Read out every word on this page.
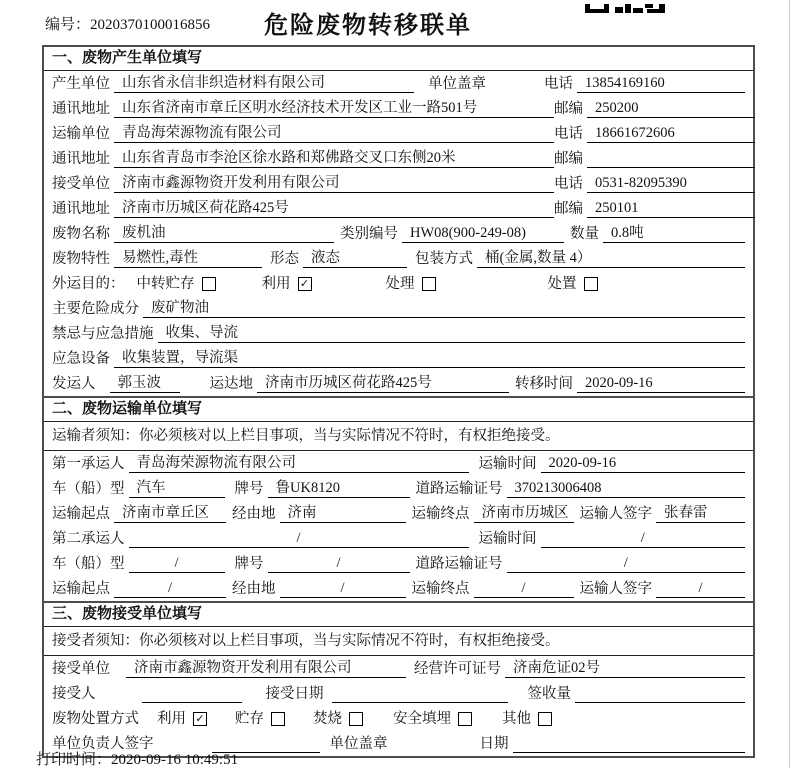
编号：2020370100016856	危险废物转移联单
一、废物产生单位填写
产生单位 山东省永信非织造材料有限公司	单位盖章	电话 13854169160
通讯地址 山东省济南市章丘区明水经济技术开发区工业一路501号	邮编 250200
运输单位 青岛海荣源物流有限公司	电话 18661672606
通讯地址 山东省青岛市李沧区徐水路和郑佛路交叉口东侧20米	邮编
接受单位 济南市鑫源物资开发利用有限公司	电话 0531-82095390
通讯地址 济南市历城区荷花路425号	邮编 250101
废物名称 废机油	类别编号 HW08(900-249-08)	数量 0.8吨
废物特性 易燃性,毒性	形态 液态	包装方式 桶(金属,数量 4）
外运目的： 中转贮存	利用 ✓	处理	处置
主要危险成分 废矿物油
禁忌与应急措施 收集、导流
应急设备 收集装置，导流渠
发运人	郭玉波	运达地 济南市历城区荷花路425号	转移时间 2020-09-16
二、废物运输单位填写
运输者须知：你必须核对以上栏目事项，当与实际情况不符时，有权拒绝接受。
第一承运人 青岛海荣源物流有限公司	运输时间 2020-09-16
车（船）型 汽车	牌号 鲁UK8120	道路运输证号 370213006408
运输起点 济南市章丘区	经由地 济南	运输终点 济南市历城区 运输人签字 张春雷
第二承运人	/	运输时间	/
车（船）型	/	牌号	/	道路运输证号	/
运输起点	/	经由地	/	运输终点	/	运输人签字	/
三、废物接受单位填写
接受者须知：你必须核对以上栏目事项，当与实际情况不符时，有权拒绝接受。
接受单位	济南市鑫源物资开发利用有限公司	经营许可证号 济南危证02号
接受人	接受日期	签收量
废物处置方式 利用 ✓ 贮存	焚烧	安全填埋	其他
单位负责人签字	单位盖章	日期
打印时间：2020-09-16 10:49:51
